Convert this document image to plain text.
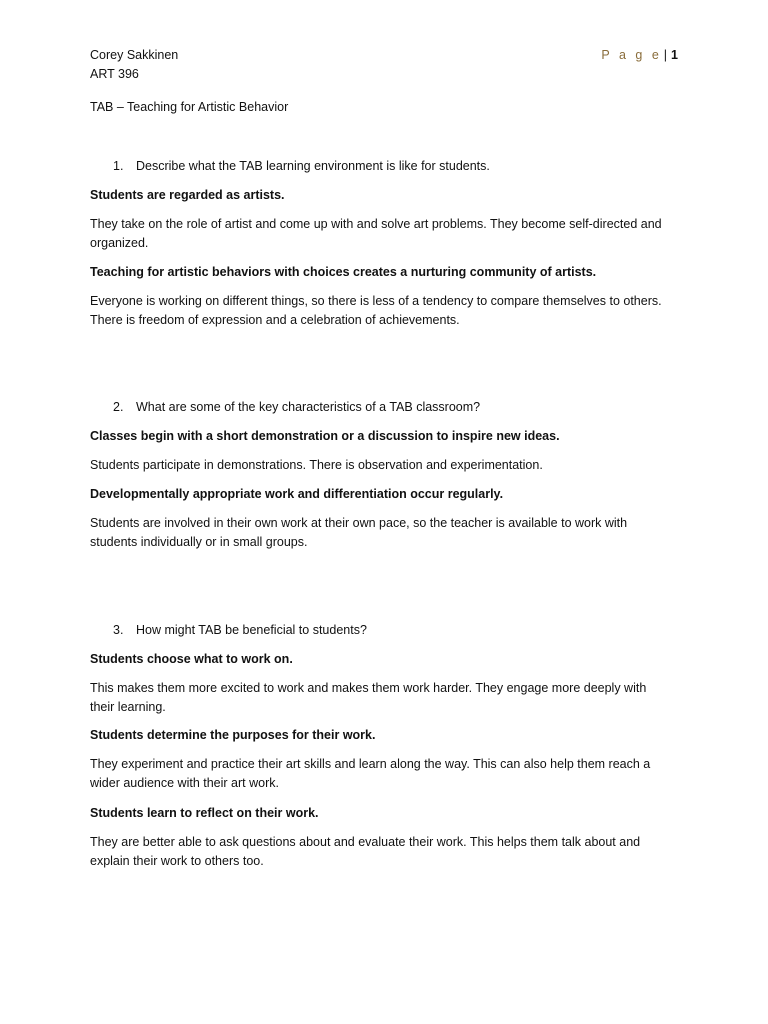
Corey Sakkinen
ART 396
P a g e | 1
TAB – Teaching for Artistic Behavior
1. Describe what the TAB learning environment is like for students.
Students are regarded as artists.
They take on the role of artist and come up with and solve art problems. They become self-directed and organized.
Teaching for artistic behaviors with choices creates a nurturing community of artists.
Everyone is working on different things, so there is less of a tendency to compare themselves to others. There is freedom of expression and a celebration of achievements.
2. What are some of the key characteristics of a TAB classroom?
Classes begin with a short demonstration or a discussion to inspire new ideas.
Students participate in demonstrations. There is observation and experimentation.
Developmentally appropriate work and differentiation occur regularly.
Students are involved in their own work at their own pace, so the teacher is available to work with students individually or in small groups.
3. How might TAB be beneficial to students?
Students choose what to work on.
This makes them more excited to work and makes them work harder. They engage more deeply with their learning.
Students determine the purposes for their work.
They experiment and practice their art skills and learn along the way. This can also help them reach a wider audience with their art work.
Students learn to reflect on their work.
They are better able to ask questions about and evaluate their work. This helps them talk about and explain their work to others too.
